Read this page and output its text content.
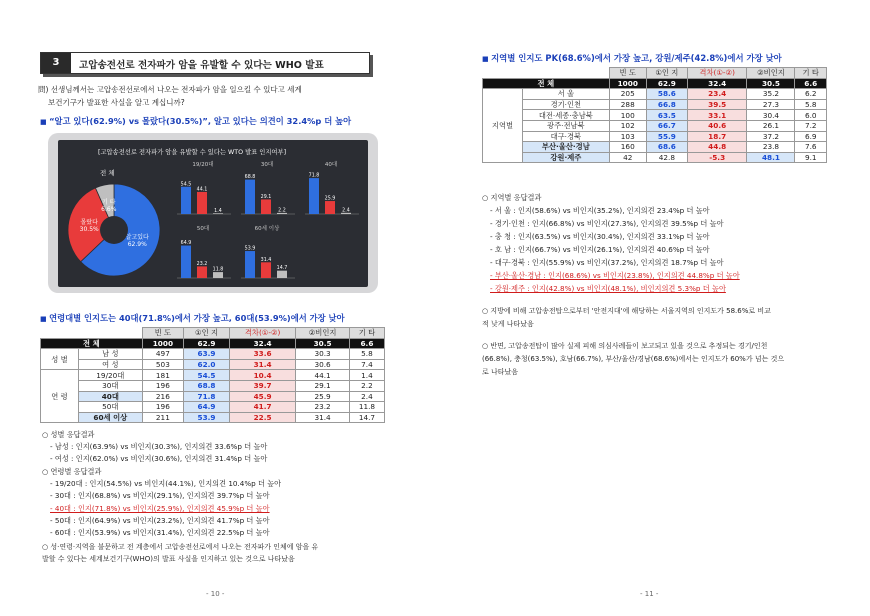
3	고압송전선로 전자파가 암을 유발할 수 있다는 WHO 발표
問) 선생님께서는 고압송전선로에서 나오는 전자파가 암을 일으킬 수 있다고 세계
보건기구가 발표한 사실을 알고 계십니까?
■ “알고 있다(62.9%) vs 몰랐다(30.5%)”, 알고 있다는 의견이 32.4%p 더 높아
[고압송전선로 전자파가 암을 유발할 수 있다는 WTO 발표 인지여부]
전 체
알고있다
62.9%
몰랐다
30.5%
기 타
6.6%
19/20대
54.5
44.1
1.4
30대
68.8
29.1
2.2
40대
71.8
25.9
2.4
50대
64.9
23.2
11.8
60세 이상
53.9
31.4
14.7
■ 연령대별 인지도는 40대(71.8%)에서 가장 높고, 60대(53.9%)에서 가장 낮아
		빈 도	①인 지	격차(①-②)	②비인지	기 타
전 체		1000	62.9	32.4	30.5	6.6
성 별	남 성	497	63.9	33.6	30.3	5.8
	여 성	503	62.0	31.4	30.6	7.4
연 령	19/20대	181	54.5	10.4	44.1	1.4
	30대	196	68.8	39.7	29.1	2.2
	40대	216	71.8	45.9	25.9	2.4
	50대	196	64.9	41.7	23.2	11.8
	60세 이상	211	53.9	22.5	31.4	14.7
○ 성별 응답결과
- 남성 : 인지(63.9%) vs 비인지(30.3%), 인지의견 33.6%p 더 높아
- 여성 : 인지(62.0%) vs 비인지(30.6%), 인지의견 31.4%p 더 높아
○ 연령별 응답결과
- 19/20대 : 인지(54.5%) vs 비인지(44.1%), 인지의견 10.4%p 더 높아
- 30대 : 인지(68.8%) vs 비인지(29.1%), 인지의견 39.7%p 더 높아
- 40대 : 인지(71.8%) vs 비인지(25.9%), 인지의견 45.9%p 더 높아
- 50대 : 인지(64.9%) vs 비인지(23.2%), 인지의견 41.7%p 더 높아
- 60대 : 인지(53.9%) vs 비인지(31.4%), 인지의견 22.5%p 더 높아
○ 성·연령·지역을 불문하고 전 계층에서 고압송전선로에서 나오는 전자파가 인체에 암을 유
발할 수 있다는 세계보건기구(WHO)의 발표 사실을 인지하고 있는 것으로 나타났음
- 10 -
■ 지역별 인지도 PK(68.6%)에서 가장 높고, 강원/제주(42.8%)에서 가장 낮아
		빈 도	①인 지	격차(①-②)	②비인지	기 타
전 체		1000	62.9	32.4	30.5	6.6
지역별	서 울	205	58.6	23.4	35.2	6.2
	경기·인천	288	66.8	39.5	27.3	5.8
	대전·세종·충남북	100	63.5	33.1	30.4	6.0
	광주·전남북	102	66.7	40.6	26.1	7.2
	대구·경북	103	55.9	18.7	37.2	6.9
	부산·울산·경남	160	68.6	44.8	23.8	7.6
	강원·제주	42	42.8	-5.3	48.1	9.1
○ 지역별 응답결과
- 서 울 : 인지(58.6%) vs 비인지(35.2%), 인지의견 23.4%p 더 높아
- 경기·인천 : 인지(66.8%) vs 비인지(27.3%), 인지의견 39.5%p 더 높아
- 충 청 : 인지(63.5%) vs 비인지(30.4%), 인지의견 33.1%p 더 높아
- 호 남 : 인지(66.7%) vs 비인지(26.1%), 인지의견 40.6%p 더 높아
- 대구·경북 : 인지(55.9%) vs 비인지(37.2%), 인지의견 18.7%p 더 높아
- 부산·울산·경남 : 인지(68.6%) vs 비인지(23.8%), 인지의견 44.8%p 더 높아
- 강원·제주 : 인지(42.8%) vs 비인지(48.1%), 비인지의견 5.3%p 더 높아
○ 지방에 비해 고압송전탑으로부터 '안전지대'에 해당하는 서울지역의 인지도가 58.6%로 비교
적 낮게 나타났음
○ 반면, 고압송전탑이 많아 실제 피해 의심사례들이 보고되고 있을 것으로 추정되는 경기/인천
(66.8%), 충청(63.5%), 호남(66.7%), 부산/울산/경남(68.6%)에서는 인지도가 60%가 넘는 것으
로 나타났음
- 11 -
